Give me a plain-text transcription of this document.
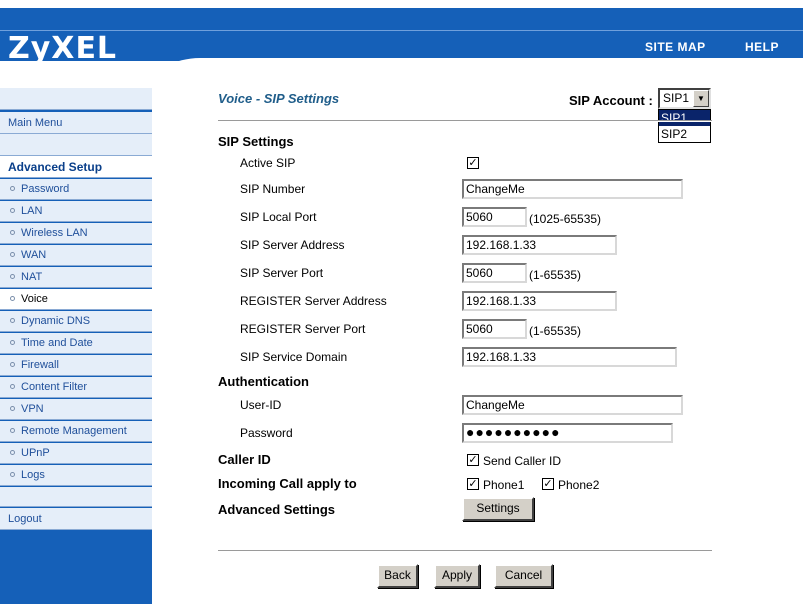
ZyXEL
TOTAL INTERNET ACCESS SOLUTION
SITE MAP	HELP
Main Menu
Advanced Setup
Password
LAN
Wireless LAN
WAN
NAT
Voice
Dynamic DNS
Time and Date
Firewall
Content Filter
VPN
Remote Management
UPnP
Logs
Logout
Voice - SIP Settings	SIP Account : SIP1	▼
SIP1
SIP2
SIP Settings
Active SIP	✓
SIP Number	ChangeMe
SIP Local Port	5060	(1025-65535)
SIP Server Address	192.168.1.33
SIP Server Port	5060	(1-65535)
REGISTER Server Address	192.168.1.33
REGISTER Server Port	5060	(1-65535)
SIP Service Domain	192.168.1.33
Authentication
User-ID	ChangeMe
Password	●●●●●●●●●●
Caller ID	✓ Send Caller ID
Incoming Call apply to	✓ Phone1 ✓ Phone2
Advanced Settings	Settings
Back	Apply	Cancel
